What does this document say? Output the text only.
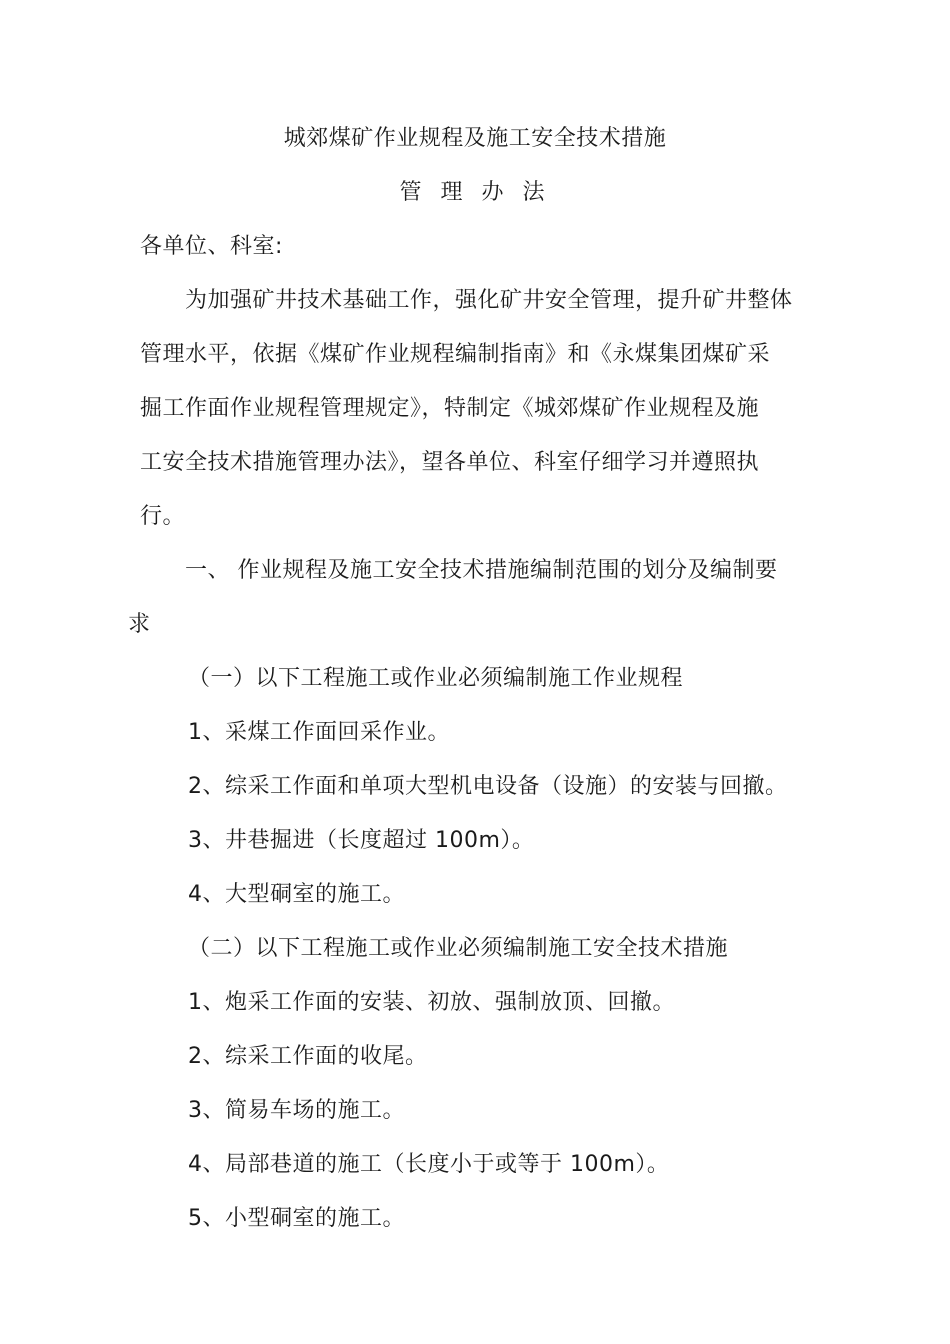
城郊煤矿作业规程及施工安全技术措施
管 理 办 法
各单位、科室:
为加强矿井技术基础工作，强化矿井安全管理，提升矿井整体
管理水平，依据《煤矿作业规程编制指南》和《永煤集团煤矿采
掘工作面作业规程管理规定》，特制定《城郊煤矿作业规程及施
工安全技术措施管理办法》，望各单位、科室仔细学习并遵照执
行。
一、 作业规程及施工安全技术措施编制范围的划分及编制要
求
（一）以下工程施工或作业必须编制施工作业规程
1、采煤工作面回采作业。
2、综采工作面和单项大型机电设备（设施）的安装与回撤。
3、井巷掘进（长度超过 100m）。
4、大型硐室的施工。
（二）以下工程施工或作业必须编制施工安全技术措施
1、炮采工作面的安装、初放、强制放顶、回撤。
2、综采工作面的收尾。
3、简易车场的施工。
4、局部巷道的施工（长度小于或等于 100m）。
5、小型硐室的施工。
